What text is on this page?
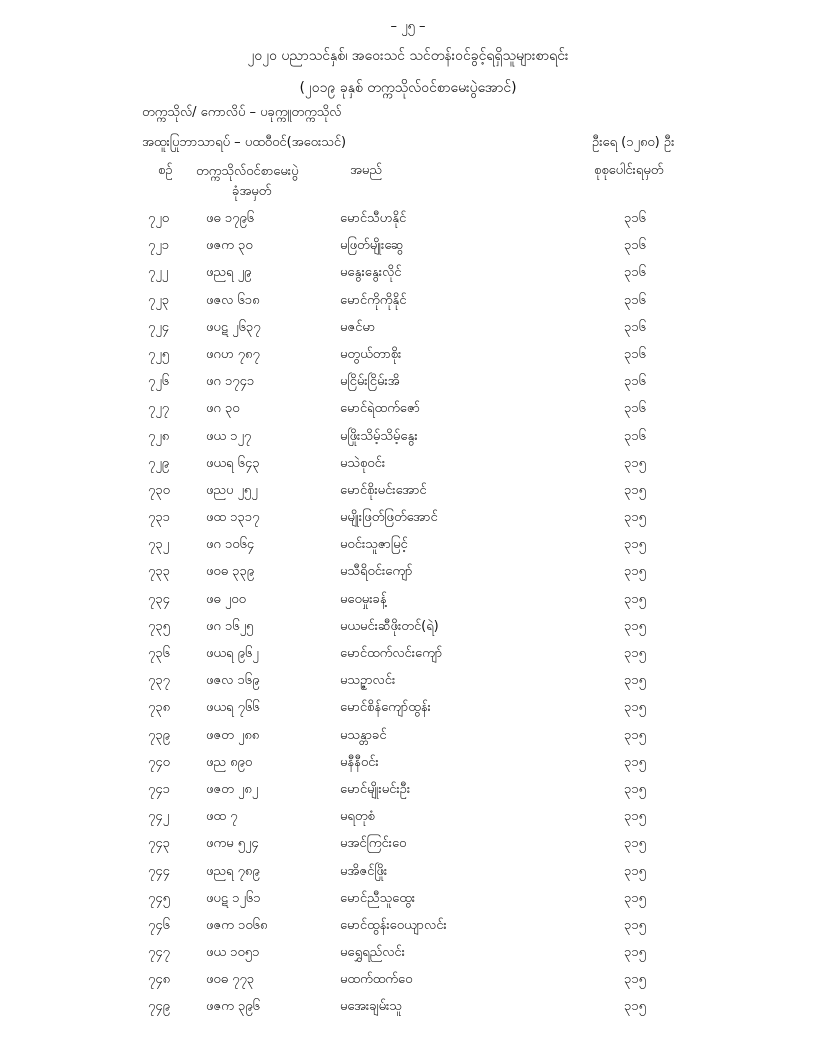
– ၂၅ –
၂၀၂၀ ပညာသင်နှစ်၊ အဝေးသင် သင်တန်းဝင်ခွင့်ရရှိသူများစာရင်း
(၂၀၁၉ ခုနှစ် တက္ကသိုလ်ဝင်စာမေးပွဲအောင်)
တက္ကသိုလ်/ ကောလိပ် – ပခုက္ကူတက္ကသိုလ်
အထူးပြုဘာသာရပ် – ပထဝီဝင်(အဝေးသင်)	ဦးရေ (၁၂၈၀) ဦး
စဉ် တက္ကသိုလ်ဝင်စာမေးပွဲ
ခုံအမှတ်
အမည်	စုစုပေါင်းရမှတ်
၇၂၀	ဖဓ ၁၇၉၆	မောင်သီဟနိုင်	၃၁၆
၇၂၁	ဖဇက ၃၀	မဖြတ်မျိုးဆွေ	၃၁၆
၇၂၂	ဖညရ ၂၉	မနွေးနွေးလိုင်	၃၁၆
၇၂၃	ဖဇလ ၆၁၈	မောင်ကိုကိုနိုင်	၃၁၆
၇၂၄	ဖပဋ ၂၆၃၇	မဇင်မာ	၃၁၆
၇၂၅	ဖဂဟ ၇၈၇	မတွယ်တာစိုး	၃၁၆
၇၂၆	ဖဂ ၁၇၄၁	မငြိမ်းငြိမ်းအိ	၃၁၆
၇၂၇	ဖဂ ၃၀	မောင်ရဲထက်ဇော်	၃၁၆
၇၂၈	ဖယ ၁၂၇	မဖြိုးသိမ့်သိမ့်နွေး	၃၁၆
၇၂၉	ဖယရ ၆၄၃	မသဲစုဝင်း	၃၁၅
၇၃၀	ဖညပ ၂၅၂	မောင်စိုးမင်းအောင်	၃၁၅
၇၃၁	ဖထ ၁၃၁၇	မမျိုးဖြတ်ဖြတ်အောင်	၃၁၅
၇၃၂	ဖဂ ၁၀၆၄	မဝင်းသူဇာမြင့်	၃၁၅
၇၃၃	ဖ၀ဓ ၃၃၉	မသီရိဝင်းကျော်	၃၁၅
၇၃၄	ဖဓ ၂၀၀	မဝေမှုးခန့်	၃၁၅
၇၃၅	ဖဂ ၁၆၂၅	မယမင်းဆီဖိုးတင်(ရဲ)	၃၁၅
၇၃၆	ဖယရ ၉၆၂	မောင်ထက်လင်းကျော်	၃၁၅
၇၃၇	ဖဇလ ၁၆၉	မသဥ္ဇာလင်း	၃၁၅
၇၃၈	ဖယရ ၇၆၆	မောင်စိန်ကျော်ထွန်း	၃၁၅
၇၃၉	ဖဇတ ၂၈၈	မသန္တာခင်	၃၁၅
၇၄၀	ဖည ၈၉၀	မနီနီဝင်း	၃၁၅
၇၄၁	ဖဇတ ၂၈၂	မောင်မျိုးမင်းဦး	၃၁၅
၇၄၂	ဖထ ၇	မရတုစံ	၃၁၅
၇၄၃	ဖကမ ၅၂၄	မအင်ကြင်းဝေ	၃၁၅
၇၄၄	ဖညရ ၇၈၉	မအိဇင်ဖြိုး	၃၁၅
၇၄၅	ဖပဋ ၁၂၆၁	မောင်ညီသူထွေး	၃၁၅
၇၄၆	ဖဇက ၁၀၆၈	မောင်ထွန်းဝေယျာလင်း	၃၁၅
၇၄၇	ဖယ ၁၀၅၁	မရွှေရည်လင်း	၃၁၅
၇၄၈	ဖ၀ဓ ၇၇၃	မထက်ထက်ဝေ	၃၁၅
၇၄၉	ဖဇက ၃၉၆	မအေးချမ်းသူ	၃၁၅
